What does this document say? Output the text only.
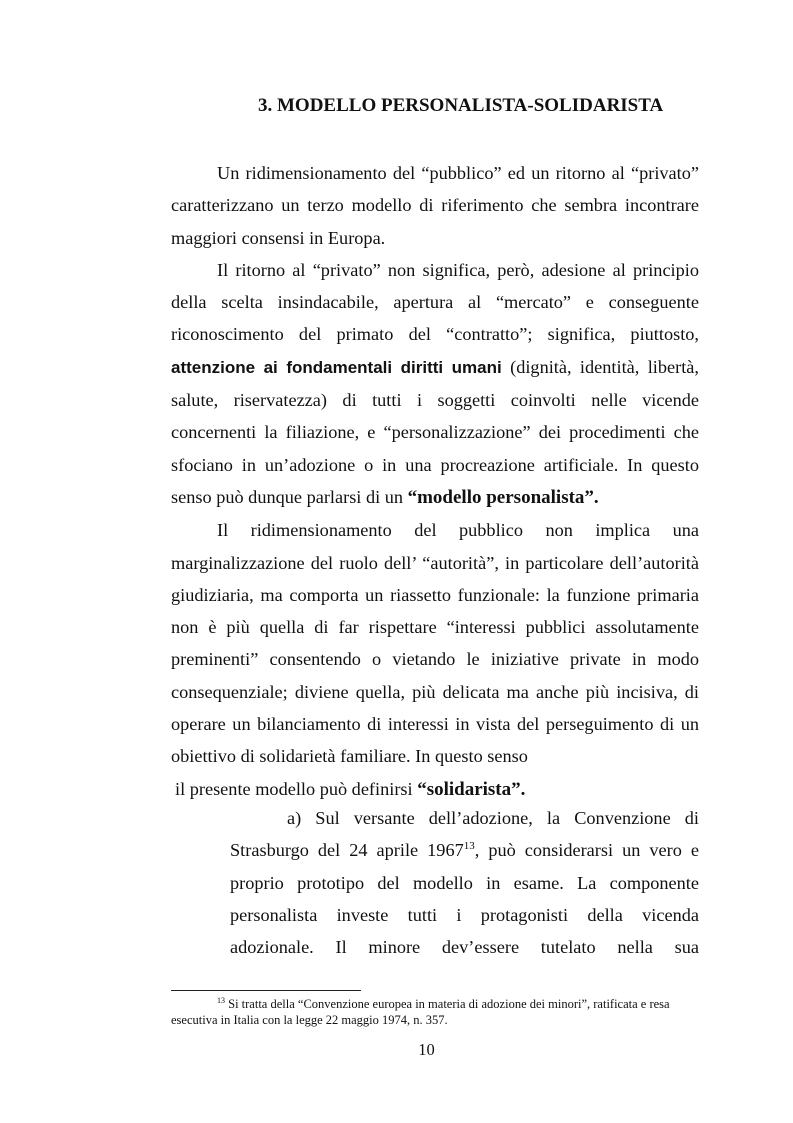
3. MODELLO PERSONALISTA-SOLIDARISTA

Un ridimensionamento del “pubblico” ed un ritorno al “privato” caratterizzano un terzo modello di riferimento che sembra incontrare maggiori consensi in Europa.

Il ritorno al “privato” non significa, però, adesione al principio della scelta insindacabile, apertura al “mercato” e conseguente riconoscimento del primato del “contratto”; significa, piuttosto, attenzione ai fondamentali diritti umani (dignità, identità, libertà, salute, riservatezza) di tutti i soggetti coinvolti nelle vicende concernenti la filiazione, e “personalizzazione” dei procedimenti che sfociano in un’adozione o in una procreazione artificiale. In questo senso può dunque parlarsi di un “modello personalista”.

Il ridimensionamento del pubblico non implica una marginalizzazione del ruolo dell’ “autorità”, in particolare dell’autorità giudiziaria, ma comporta un riassetto funzionale: la funzione primaria non è più quella di far rispettare “interessi pubblici assolutamente preminenti” consentendo o vietando le iniziative private in modo consequenziale; diviene quella, più delicata ma anche più incisiva, di operare un bilanciamento di interessi in vista del perseguimento di un obiettivo di solidarietà familiare. In questo senso

il presente modello può definirsi “solidarista”.

a) Sul versante dell’adozione, la Convenzione di Strasburgo del 24 aprile 1967$^{13}$, può considerarsi un vero e proprio prototipo del modello in esame. La componente personalista investe tutti i protagonisti della vicenda adozionale. Il minore dev’essere tutelato nella sua

$^{13}$ Si tratta della “Convenzione europea in materia di adozione dei minori”, ratificata e resa esecutiva in Italia con la legge 22 maggio 1974, n. 357.

10
